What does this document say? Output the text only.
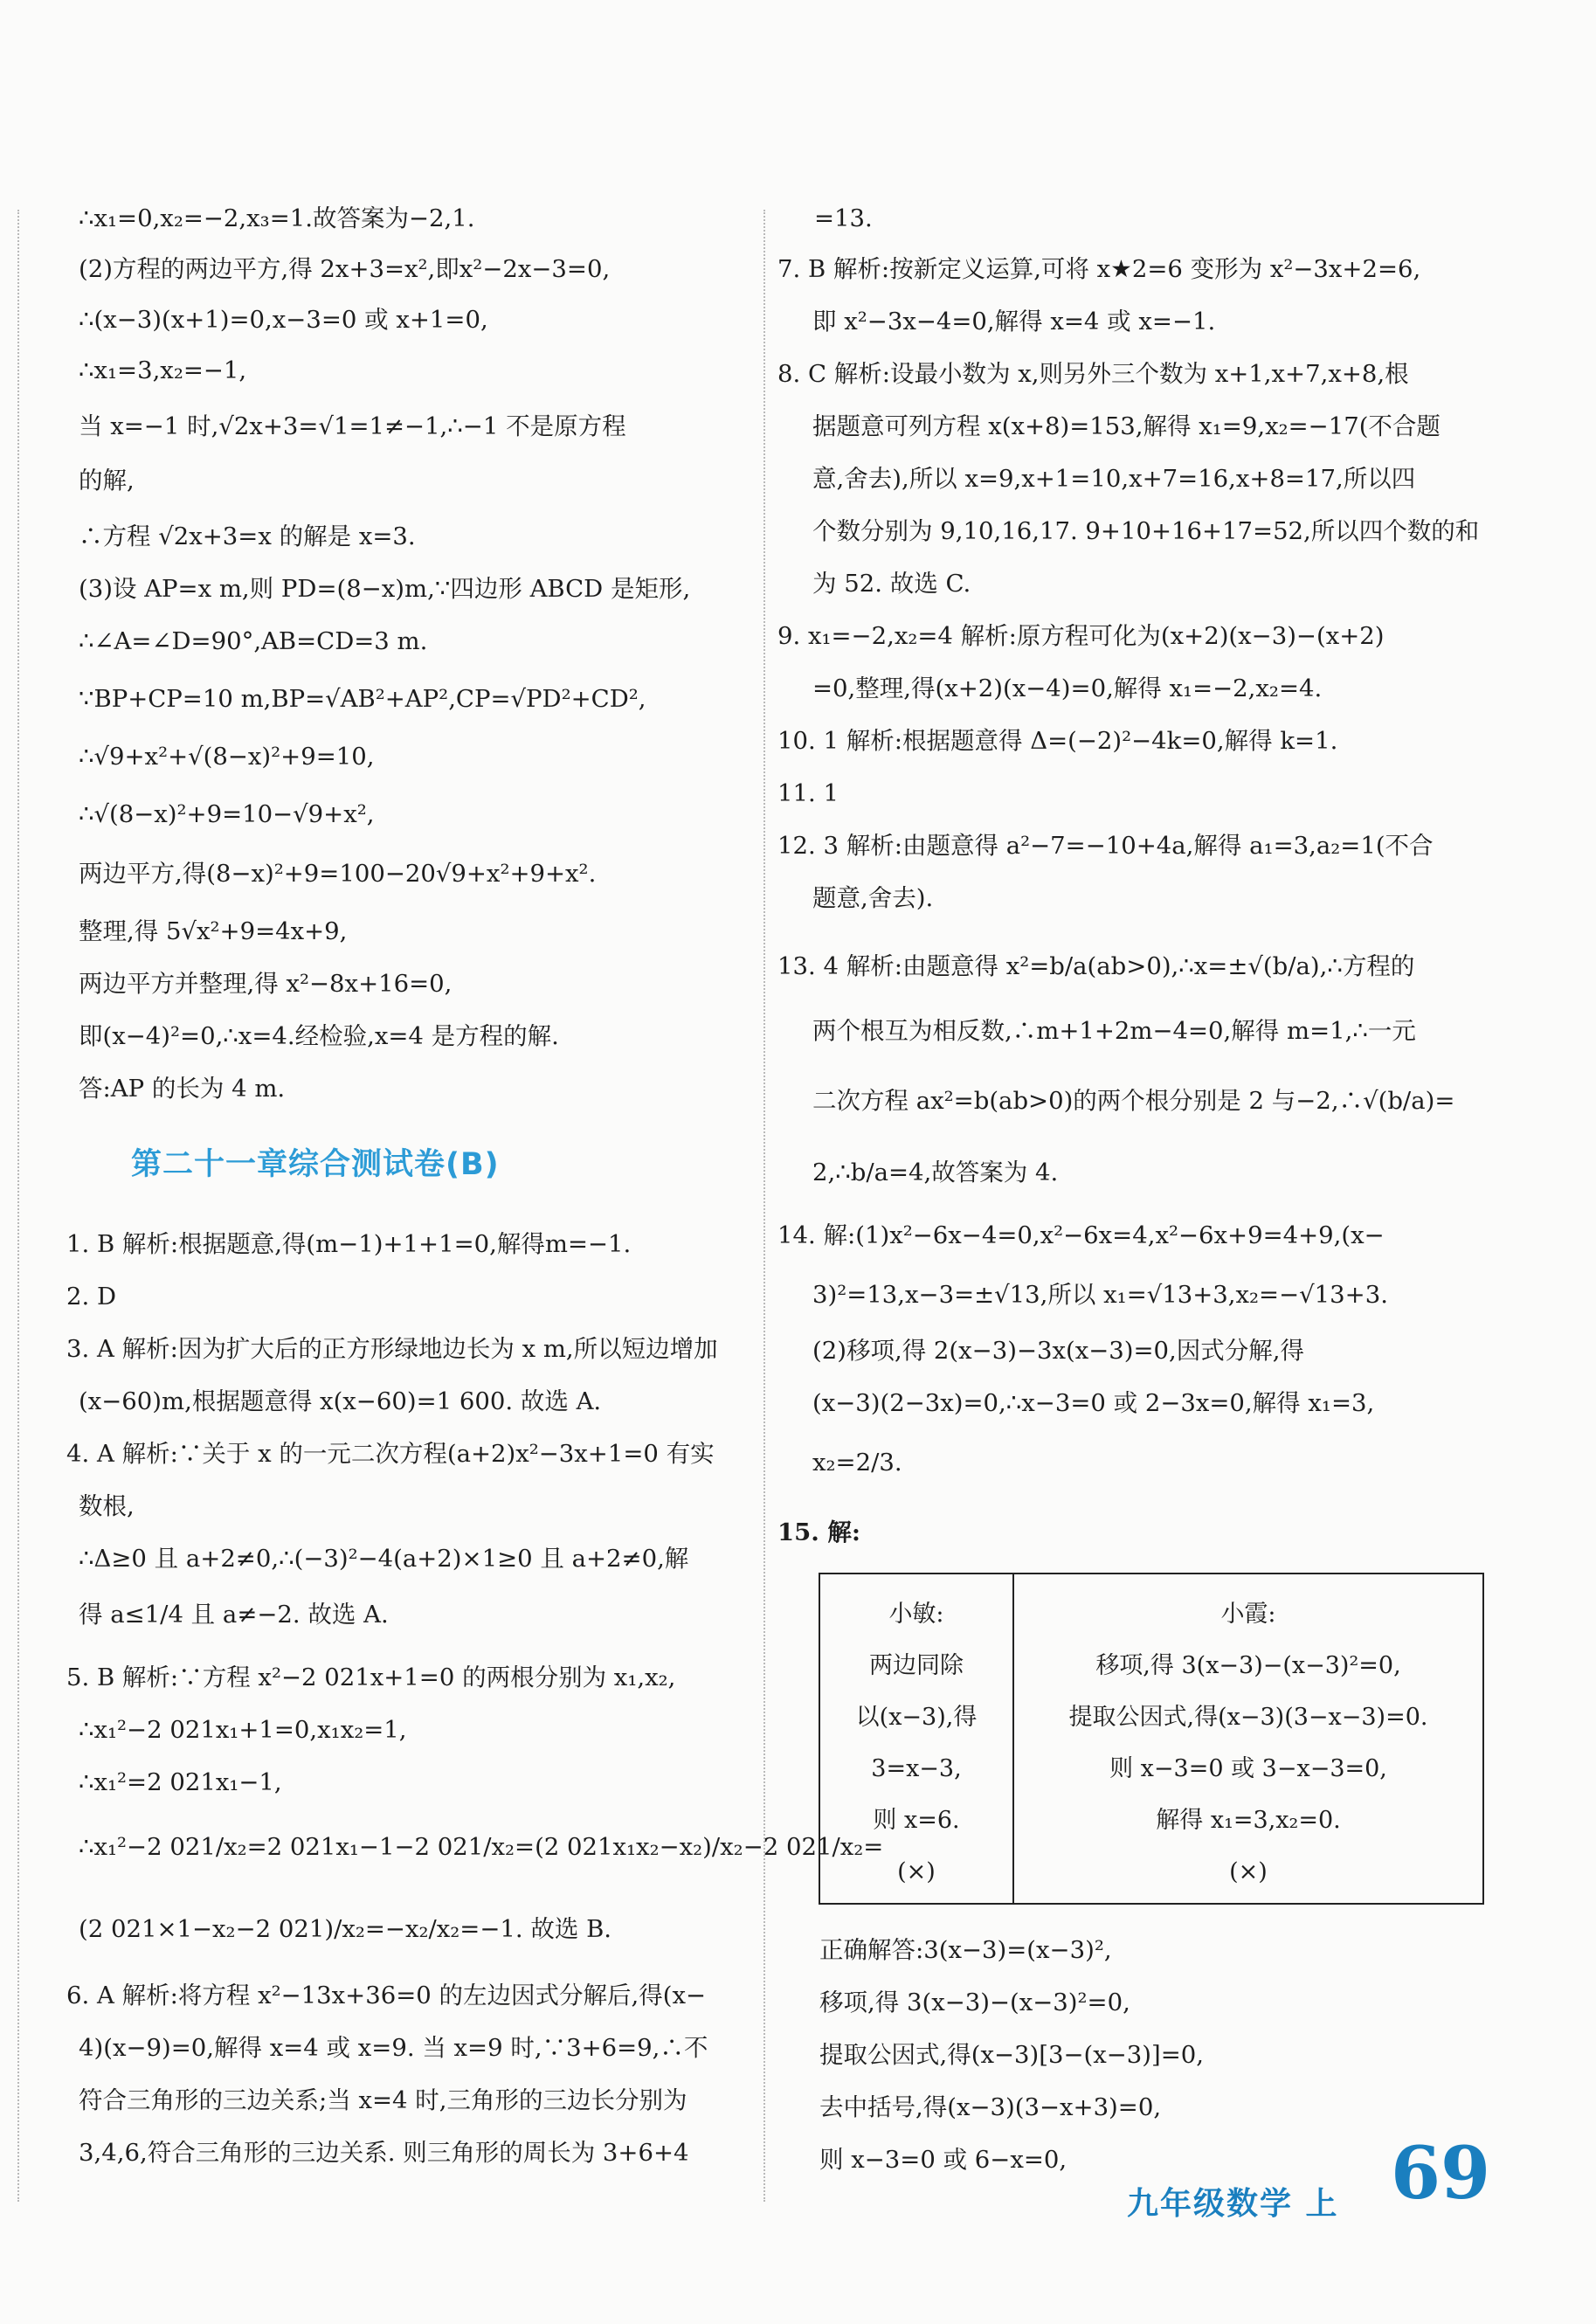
∴x₁=0,x₂=−2,x₃=1.故答案为−2,1.
(2)方程的两边平方,得 2x+3=x²,即x²−2x−3=0,
∴(x−3)(x+1)=0,x−3=0 或 x+1=0,
∴x₁=3,x₂=−1,
当 x=−1 时,√2x+3=√1=1≠−1,∴−1 不是原方程
的解,
∴方程 √2x+3=x 的解是 x=3.
(3)设 AP=x m,则 PD=(8−x)m,∵四边形 ABCD 是矩形,
∴∠A=∠D=90°,AB=CD=3 m.
∵BP+CP=10 m,BP=√AB²+AP²,CP=√PD²+CD²,
∴√9+x²+√(8−x)²+9=10,
∴√(8−x)²+9=10−√9+x²,
两边平方,得(8−x)²+9=100−20√9+x²+9+x².
整理,得 5√x²+9=4x+9,
两边平方并整理,得 x²−8x+16=0,
即(x−4)²=0,∴x=4.经检验,x=4 是方程的解.
答:AP 的长为 4 m.
第二十一章综合测试卷(B)
1. B 解析:根据题意,得(m−1)+1+1=0,解得m=−1.
2. D
3. A 解析:因为扩大后的正方形绿地边长为 x m,所以短边增加
(x−60)m,根据题意得 x(x−60)=1 600. 故选 A.
4. A 解析:∵关于 x 的一元二次方程(a+2)x²−3x+1=0 有实
数根,
∴Δ≥0 且 a+2≠0,∴(−3)²−4(a+2)×1≥0 且 a+2≠0,解
得 a≤1/4 且 a≠−2. 故选 A.
5. B 解析:∵方程 x²−2 021x+1=0 的两根分别为 x₁,x₂,
∴x₁²−2 021x₁+1=0,x₁x₂=1,
∴x₁²=2 021x₁−1,
∴x₁²−2 021/x₂=2 021x₁−1−2 021/x₂=(2 021x₁x₂−x₂)/x₂−2 021/x₂=
(2 021×1−x₂−2 021)/x₂=−x₂/x₂=−1. 故选 B.
6. A 解析:将方程 x²−13x+36=0 的左边因式分解后,得(x−
4)(x−9)=0,解得 x=4 或 x=9. 当 x=9 时,∵3+6=9,∴不
符合三角形的三边关系;当 x=4 时,三角形的三边长分别为
3,4,6,符合三角形的三边关系. 则三角形的周长为 3+6+4
=13.
7. B 解析:按新定义运算,可将 x★2=6 变形为 x²−3x+2=6,
即 x²−3x−4=0,解得 x=4 或 x=−1.
8. C 解析:设最小数为 x,则另外三个数为 x+1,x+7,x+8,根
据题意可列方程 x(x+8)=153,解得 x₁=9,x₂=−17(不合题
意,舍去),所以 x=9,x+1=10,x+7=16,x+8=17,所以四
个数分别为 9,10,16,17. 9+10+16+17=52,所以四个数的和
为 52. 故选 C.
9. x₁=−2,x₂=4 解析:原方程可化为(x+2)(x−3)−(x+2)
=0,整理,得(x+2)(x−4)=0,解得 x₁=−2,x₂=4.
10. 1 解析:根据题意得 Δ=(−2)²−4k=0,解得 k=1.
11. 1
12. 3 解析:由题意得 a²−7=−10+4a,解得 a₁=3,a₂=1(不合
题意,舍去).
13. 4 解析:由题意得 x²=b/a(ab>0),∴x=±√(b/a),∴方程的
两个根互为相反数,∴m+1+2m−4=0,解得 m=1,∴一元
二次方程 ax²=b(ab>0)的两个根分别是 2 与−2,∴√(b/a)=
2,∴b/a=4,故答案为 4.
14. 解:(1)x²−6x−4=0,x²−6x=4,x²−6x+9=4+9,(x−
3)²=13,x−3=±√13,所以 x₁=√13+3,x₂=−√13+3.
(2)移项,得 2(x−3)−3x(x−3)=0,因式分解,得
(x−3)(2−3x)=0,∴x−3=0 或 2−3x=0,解得 x₁=3,
x₂=2/3.
15. 解:
小敏:
两边同除
以(x−3),得
3=x−3,
则 x=6.
(×)

小霞:
移项,得 3(x−3)−(x−3)²=0,
提取公因式,得(x−3)(3−x−3)=0.
则 x−3=0 或 3−x−3=0,
解得 x₁=3,x₂=0.
(×)
正确解答:3(x−3)=(x−3)²,
移项,得 3(x−3)−(x−3)²=0,
提取公因式,得(x−3)[3−(x−3)]=0,
去中括号,得(x−3)(3−x+3)=0,
则 x−3=0 或 6−x=0,
九年级数学 上 69
